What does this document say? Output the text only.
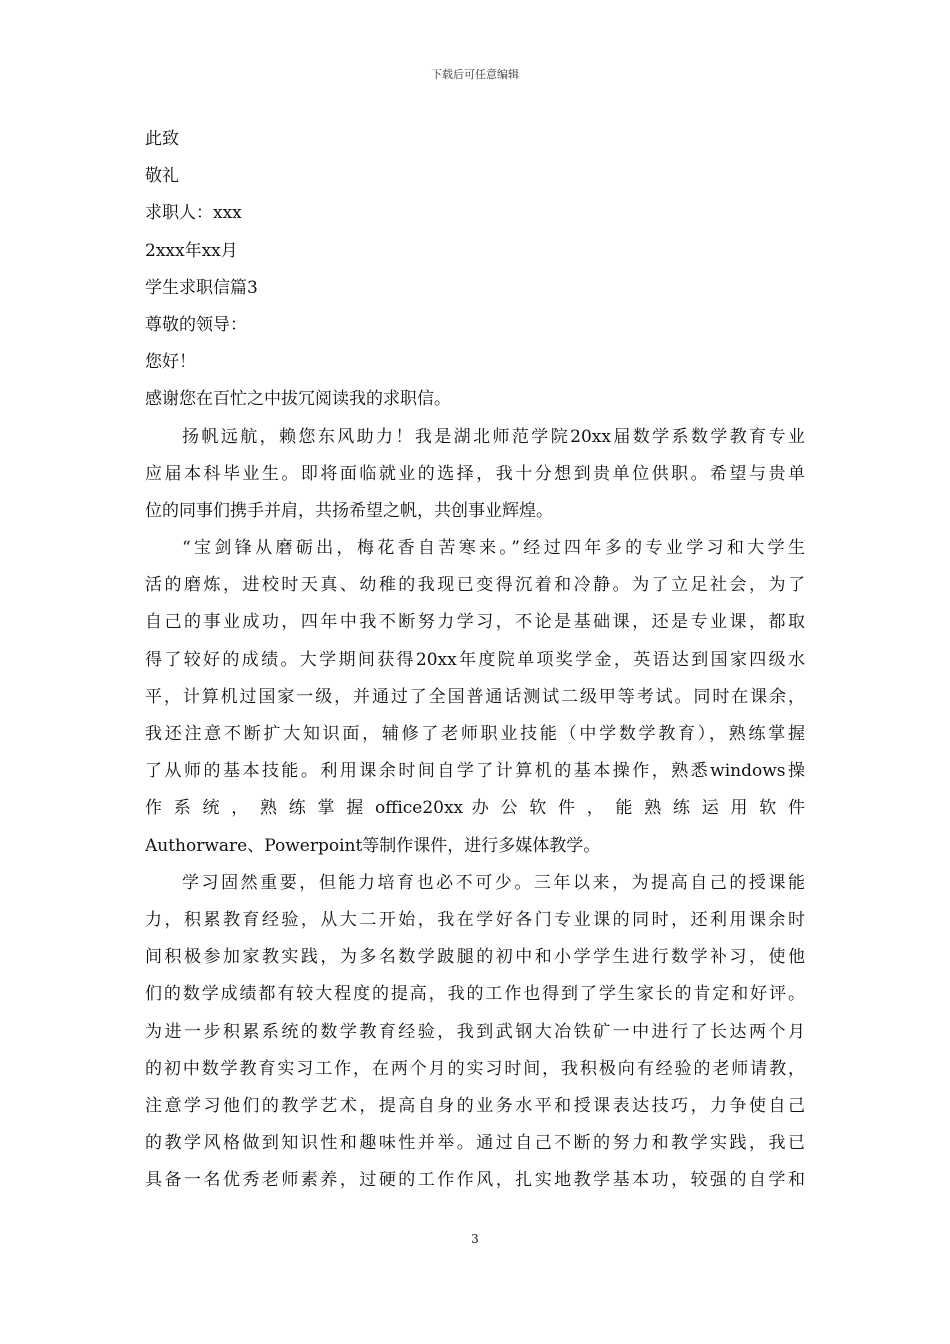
下载后可任意编辑
此致
敬礼
求职人：xxx
2xxx年xx月
学生求职信篇3
尊敬的领导：
您好！
感谢您在百忙之中拔冗阅读我的求职信。
扬帆远航，赖您东风助力！我是湖北师范学院20xx届数学系数学教育专业
应届本科毕业生。即将面临就业的选择，我十分想到贵单位供职。希望与贵单
位的同事们携手并肩，共扬希望之帆，共创事业辉煌。
“宝剑锋从磨砺出，梅花香自苦寒来。”经过四年多的专业学习和大学生
活的磨炼，进校时天真、幼稚的我现已变得沉着和冷静。为了立足社会，为了
自己的事业成功，四年中我不断努力学习，不论是基础课，还是专业课，都取
得了较好的成绩。大学期间获得20xx年度院单项奖学金，英语达到国家四级水
平，计算机过国家一级，并通过了全国普通话测试二级甲等考试。同时在课余，
我还注意不断扩大知识面，辅修了老师职业技能（中学数学教育），熟练掌握
了从师的基本技能。利用课余时间自学了计算机的基本操作，熟悉windows操
作 系 统 ， 熟 练 掌 握 office20xx 办 公 软 件 ， 能 熟 练 运 用 软 件
Authorware、Powerpoint等制作课件，进行多媒体教学。
学习固然重要，但能力培育也必不可少。三年以来，为提高自己的授课能
力，积累教育经验，从大二开始，我在学好各门专业课的同时，还利用课余时
间积极参加家教实践，为多名数学跛腿的初中和小学学生进行数学补习，使他
们的数学成绩都有较大程度的提高，我的工作也得到了学生家长的肯定和好评。
为进一步积累系统的数学教育经验，我到武钢大冶铁矿一中进行了长达两个月
的初中数学教育实习工作，在两个月的实习时间，我积极向有经验的老师请教，
注意学习他们的教学艺术，提高自身的业务水平和授课表达技巧，力争使自己
的教学风格做到知识性和趣味性并举。通过自己不断的努力和教学实践，我已
具备一名优秀老师素养，过硬的工作作风，扎实地教学基本功，较强的自学和
3
